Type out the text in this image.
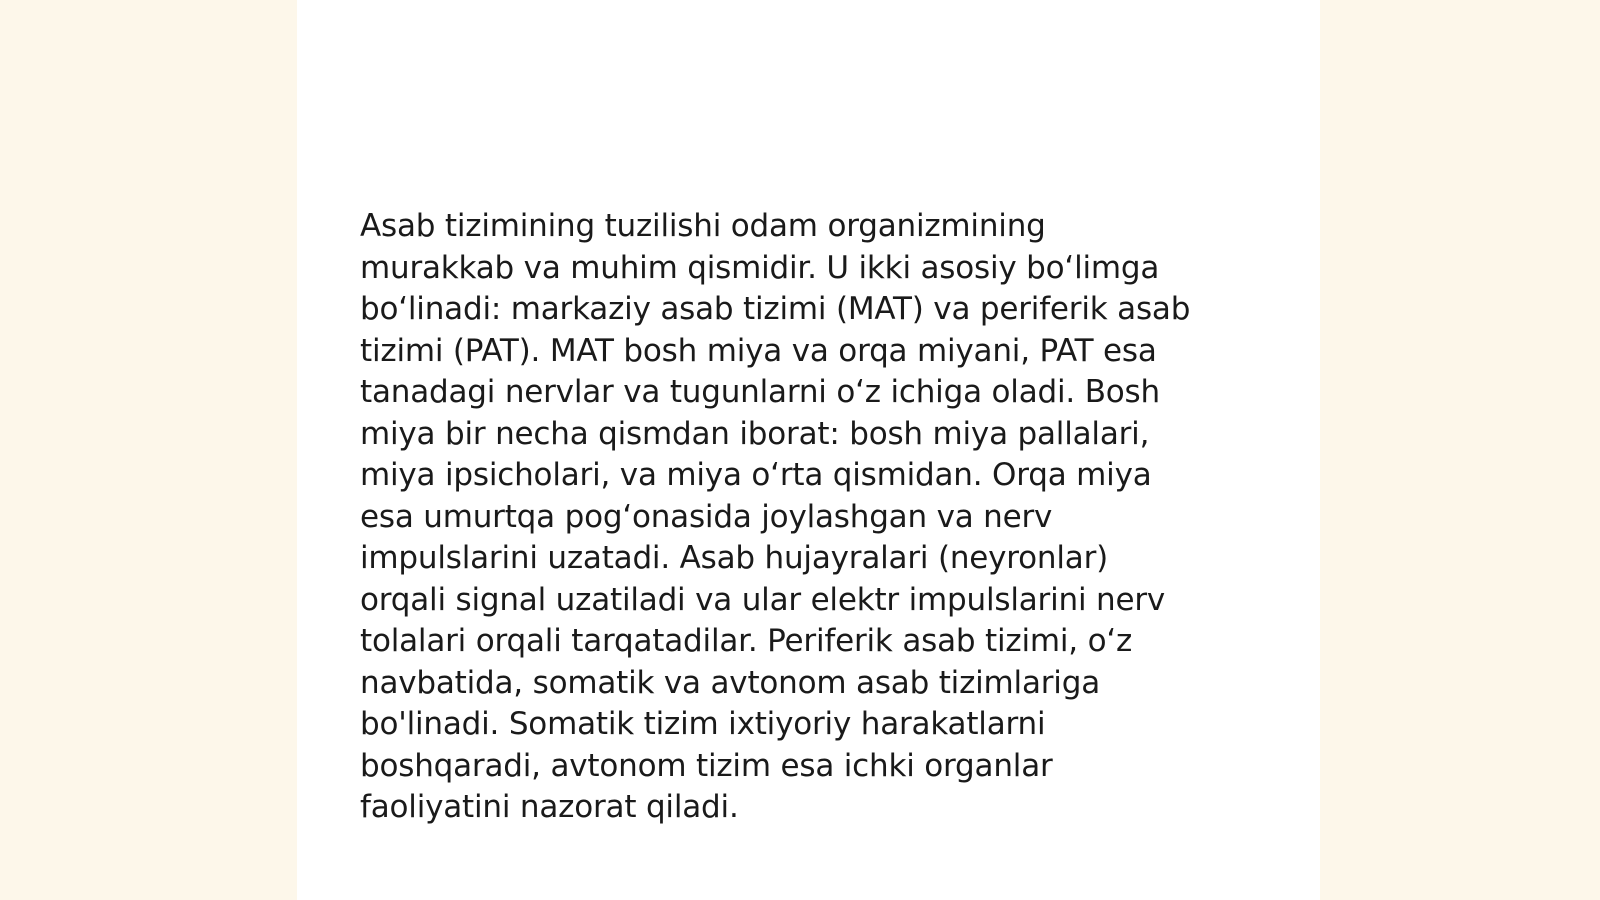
Asab tizimining tuzilishi odam organizmining
murakkab va muhim qismidir. U ikki asosiy boʻlimga
boʻlinadi: markaziy asab tizimi (MAT) va periferik asab
tizimi (PAT). MAT bosh miya va orqa miyani, PAT esa
tanadagi nervlar va tugunlarni oʻz ichiga oladi. Bosh
miya bir necha qismdan iborat: bosh miya pallalari,
miya ipsicholari, va miya oʻrta qismidan. Orqa miya
esa umurtqa pogʻonasida joylashgan va nerv
impulslarini uzatadi. Asab hujayralari (neyronlar)
orqali signal uzatiladi va ular elektr impulslarini nerv
tolalari orqali tarqatadilar. Periferik asab tizimi, oʻz
navbatida, somatik va avtonom asab tizimlariga
bo'linadi. Somatik tizim ixtiyoriy harakatlarni
boshqaradi, avtonom tizim esa ichki organlar
faoliyatini nazorat qiladi.
